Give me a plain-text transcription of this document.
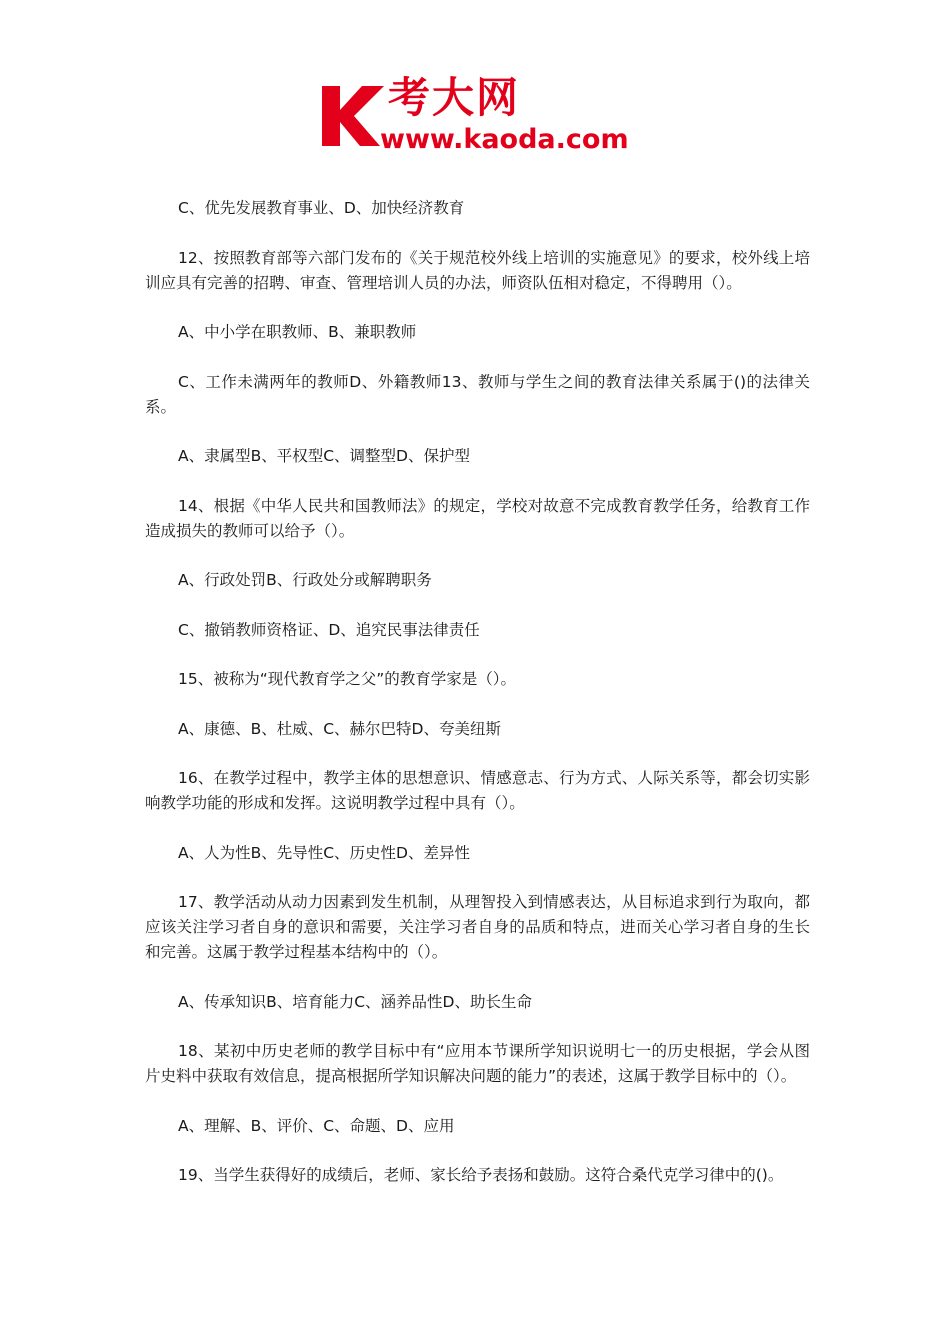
考大网
www.kaoda.com

C、优先发展教育事业、D、加快经济教育

12、按照教育部等六部门发布的《关于规范校外线上培训的实施意见》的要求，校外线上培训应具有完善的招聘、审查、管理培训人员的办法，师资队伍相对稳定，不得聘用（）。

A、中小学在职教师、B、兼职教师

C、工作未满两年的教师D、外籍教师13、教师与学生之间的教育法律关系属于()的法律关系。

A、隶属型B、平权型C、调整型D、保护型

14、根据《中华人民共和国教师法》的规定，学校对故意不完成教育教学任务，给教育工作造成损失的教师可以给予（）。

A、行政处罚B、行政处分或解聘职务

C、撤销教师资格证、D、追究民事法律责任

15、被称为“现代教育学之父”的教育学家是（）。

A、康德、B、杜威、C、赫尔巴特D、夸美纽斯

16、在教学过程中，教学主体的思想意识、情感意志、行为方式、人际关系等，都会切实影响教学功能的形成和发挥。这说明教学过程中具有（）。

A、人为性B、先导性C、历史性D、差异性

17、教学活动从动力因素到发生机制，从理智投入到情感表达，从目标追求到行为取向，都应该关注学习者自身的意识和需要，关注学习者自身的品质和特点，进而关心学习者自身的生长和完善。这属于教学过程基本结构中的（）。

A、传承知识B、培育能力C、涵养品性D、助长生命

18、某初中历史老师的教学目标中有“应用本节课所学知识说明七一的历史根据，学会从图片史料中获取有效信息，提高根据所学知识解决问题的能力”的表述，这属于教学目标中的（）。

A、理解、B、评价、C、命题、D、应用

19、当学生获得好的成绩后，老师、家长给予表扬和鼓励。这符合桑代克学习律中的()。
